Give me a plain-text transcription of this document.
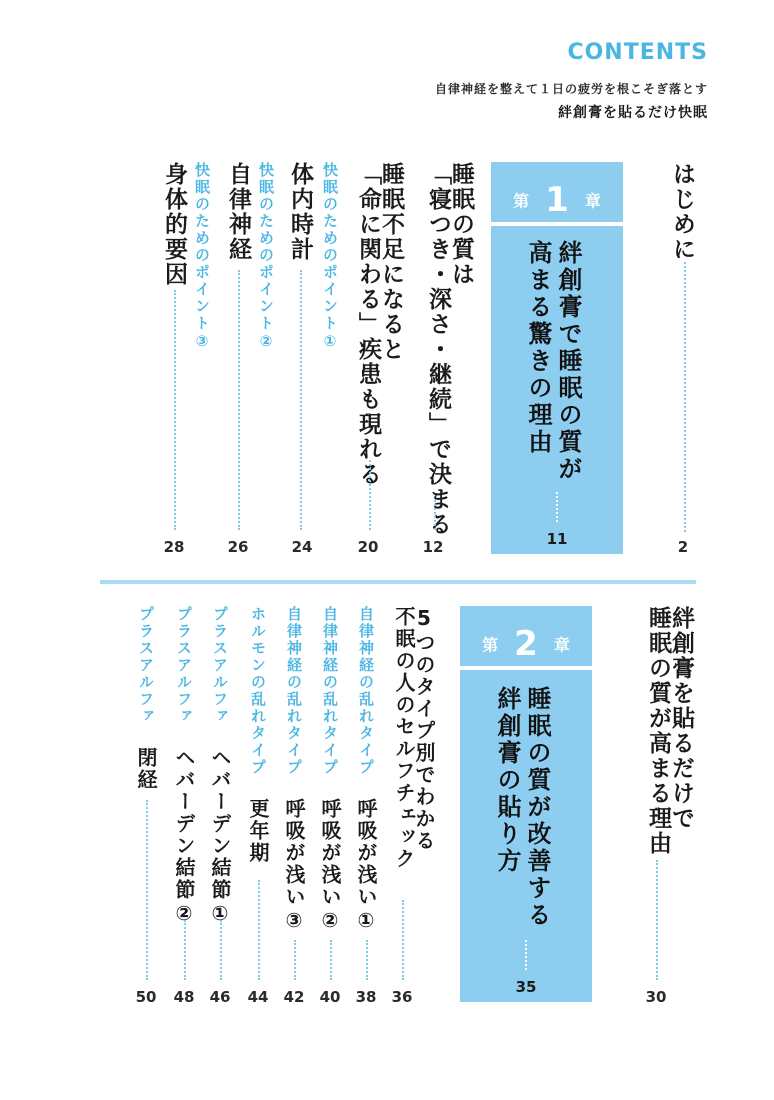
CONTENTS
自律神経を整えて１日の疲労を根こそぎ落とす
絆創膏を貼るだけ快眠
はじめに
2
第 1 章
絆創膏で睡眠の質が
高まる驚きの理由
11
睡眠の質は
「寝つき・深さ・継続」で決まる
12
睡眠不足になると
「命に関わる」疾患も現れる
20
体内時計 快眠のためのポイント①
24
自律神経 快眠のためのポイント②
26
身体的要因 快眠のためのポイント③
28
絆創膏を貼るだけで
睡眠の質が高まる理由
30
第 2 章
睡眠の質が改善する
絆創膏の貼り方
35
5つのタイプ別でわかる
不眠の人のセルフチェック
36
自律神経の乱れタイプ　呼吸が浅い①
38
自律神経の乱れタイプ　呼吸が浅い②
40
自律神経の乱れタイプ　呼吸が浅い③
42
ホルモンの乱れタイプ　更年期
44
プラスアルファ　ヘバーデン結節①
46
プラスアルファ　ヘバーデン結節②
48
プラスアルファ　閉経
50
